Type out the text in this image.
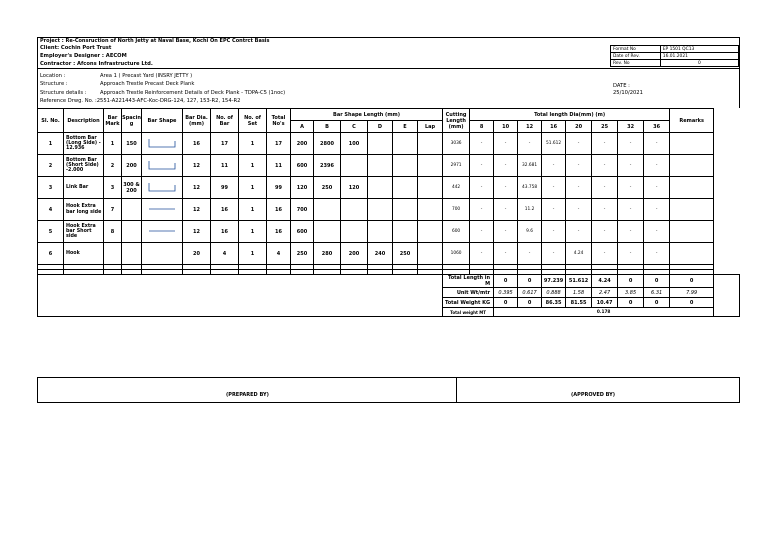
Project : Re-Consruction of North Jetty at Naval Base, Kochi On EPC Contrct Basis
Client: Cochin Port Trust
Employer's Designer : AECOM
Contractor : Afcons Infrastructure Ltd.
Format No	EP 1501 QC13
Date of Rev.	16.01.2021
Rev. No	0
Location :	Area 1 ( Precast Yard (INSRY JETTY )
Structure :	Approach Trestle Precast Deck Plank
Structure details :	Approach Trestle Reinforcement Details of Deck Plank - TDPA-C5 (1noc)
Reference Drwg. No. :2551-A221443-AFC-Koc-DRG-124, 127, 153-R2, 154-R2
DATE :
25/10/2021
Sl. No.	Description	Bar Mark	Spacin g	Bar Shape	Bar Dia. (mm)	No. of Bar	No. of Set	Total No's	Bar Shape Length (mm)						Cutting Length (mm)	Total length Dia(mm) (m)								Remarks	
									A	B	C	D	E	Lap		8	10	12	16	20	25	32	36		
1	Bottom Bar (Long Side) - 12.936	1	150		16	17	1	17	200	2800	100				3036	-	-	-	51.612	-	-	-	-		
2	Bottom Bar (Short Side) -2.000	2	200		12	11	1	11	600	2396					2971	-	-	32.681	-	-	-	-	-		
3	Link Bar	3	300 & 200		12	99	1	99	120	250	120				442	-	-	43.758	-	-	-	-	-		
4	Hook Extra bar long side	7			12	16	1	16	700						700	-	-	11.2	-	-	-	-	-		
5	Hook Extra bar Short side	8			12	16	1	16	600						600	-	-	9.6	-	-	-	-	-		
6	Hook				20	4	1	4	250	280	200	240	250		1060	-	-	-	-	4.24	-	-	-		

															Total Length in M		0	0	97.239	51.612	4.24	0	0	0	
															Unit Wt/mtr		0.395	0.617	0.888	1.58	2.47	3.85	6.31	7.99	
															Total Weight KG		0	0	86.35	81.55	10.47	0	0	0	
															Total weight MT		0.178								
(PREPARED BY)	(APPROVED BY)
